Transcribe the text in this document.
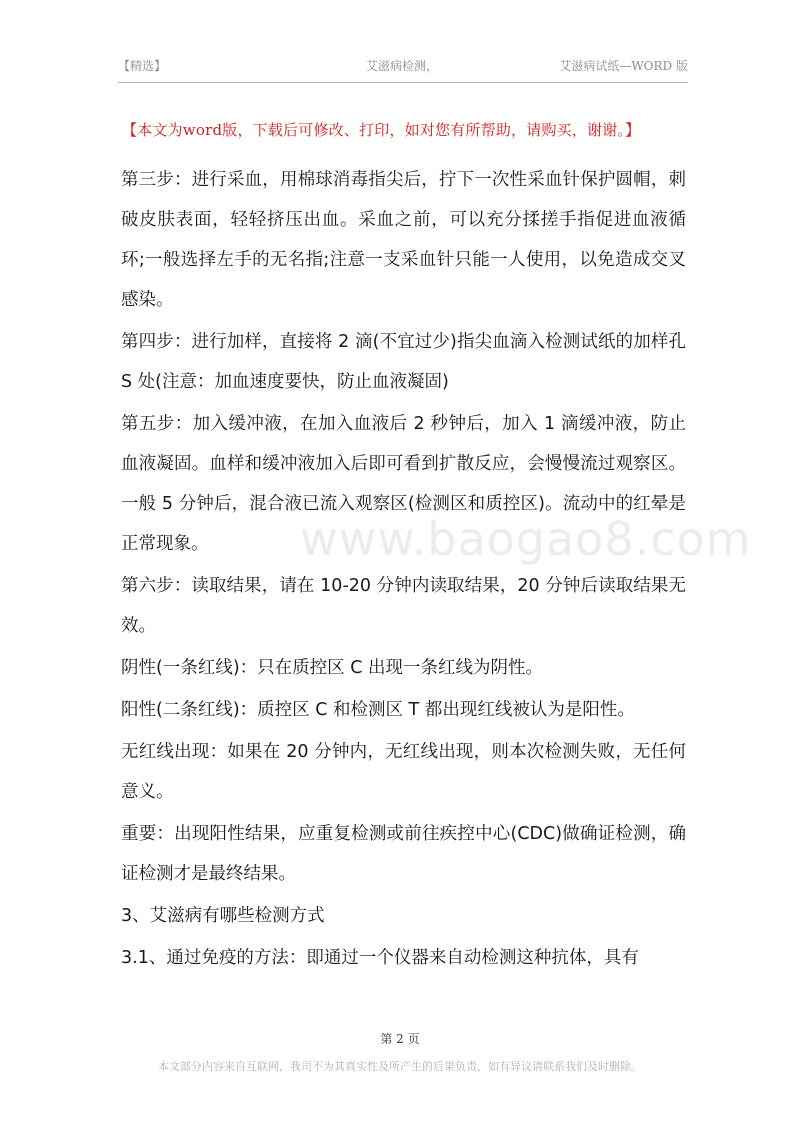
【精选】	艾滋病检测，	艾滋病试纸—WORD 版
【本文为word版，下载后可修改、打印，如对您有所帮助，请购买，谢谢。】
www.baogao8.com

第三步：进行采血，用棉球消毒指尖后，拧下一次性采血针保护圆帽，刺破皮肤表面，轻轻挤压出血。采血之前，可以充分揉搓手指促进血液循环;一般选择左手的无名指;注意一支采血针只能一人使用，以免造成交叉感染。

第四步：进行加样，直接将 2 滴(不宜过少)指尖血滴入检测试纸的加样孔 S 处(注意：加血速度要快，防止血液凝固)

第五步：加入缓冲液，在加入血液后 2 秒钟后，加入 1 滴缓冲液，防止血液凝固。血样和缓冲液加入后即可看到扩散反应，会慢慢流过观察区。一般 5 分钟后，混合液已流入观察区(检测区和质控区)。流动中的红晕是正常现象。

第六步：读取结果，请在 10-20 分钟内读取结果，20 分钟后读取结果无效。

阴性(一条红线)：只在质控区 C 出现一条红线为阴性。

阳性(二条红线)：质控区 C 和检测区 T 都出现红线被认为是阳性。

无红线出现：如果在 20 分钟内，无红线出现，则本次检测失败，无任何意义。

重要：出现阳性结果，应重复检测或前往疾控中心(CDC)做确证检测，确证检测才是最终结果。

3、艾滋病有哪些检测方式

3.1、通过免疫的方法：即通过一个仪器来自动检测这种抗体，具有

第 2 页
本文部分内容来自互联网，我司不为其真实性及所产生的后果负责，如有异议请联系我们及时删除。
